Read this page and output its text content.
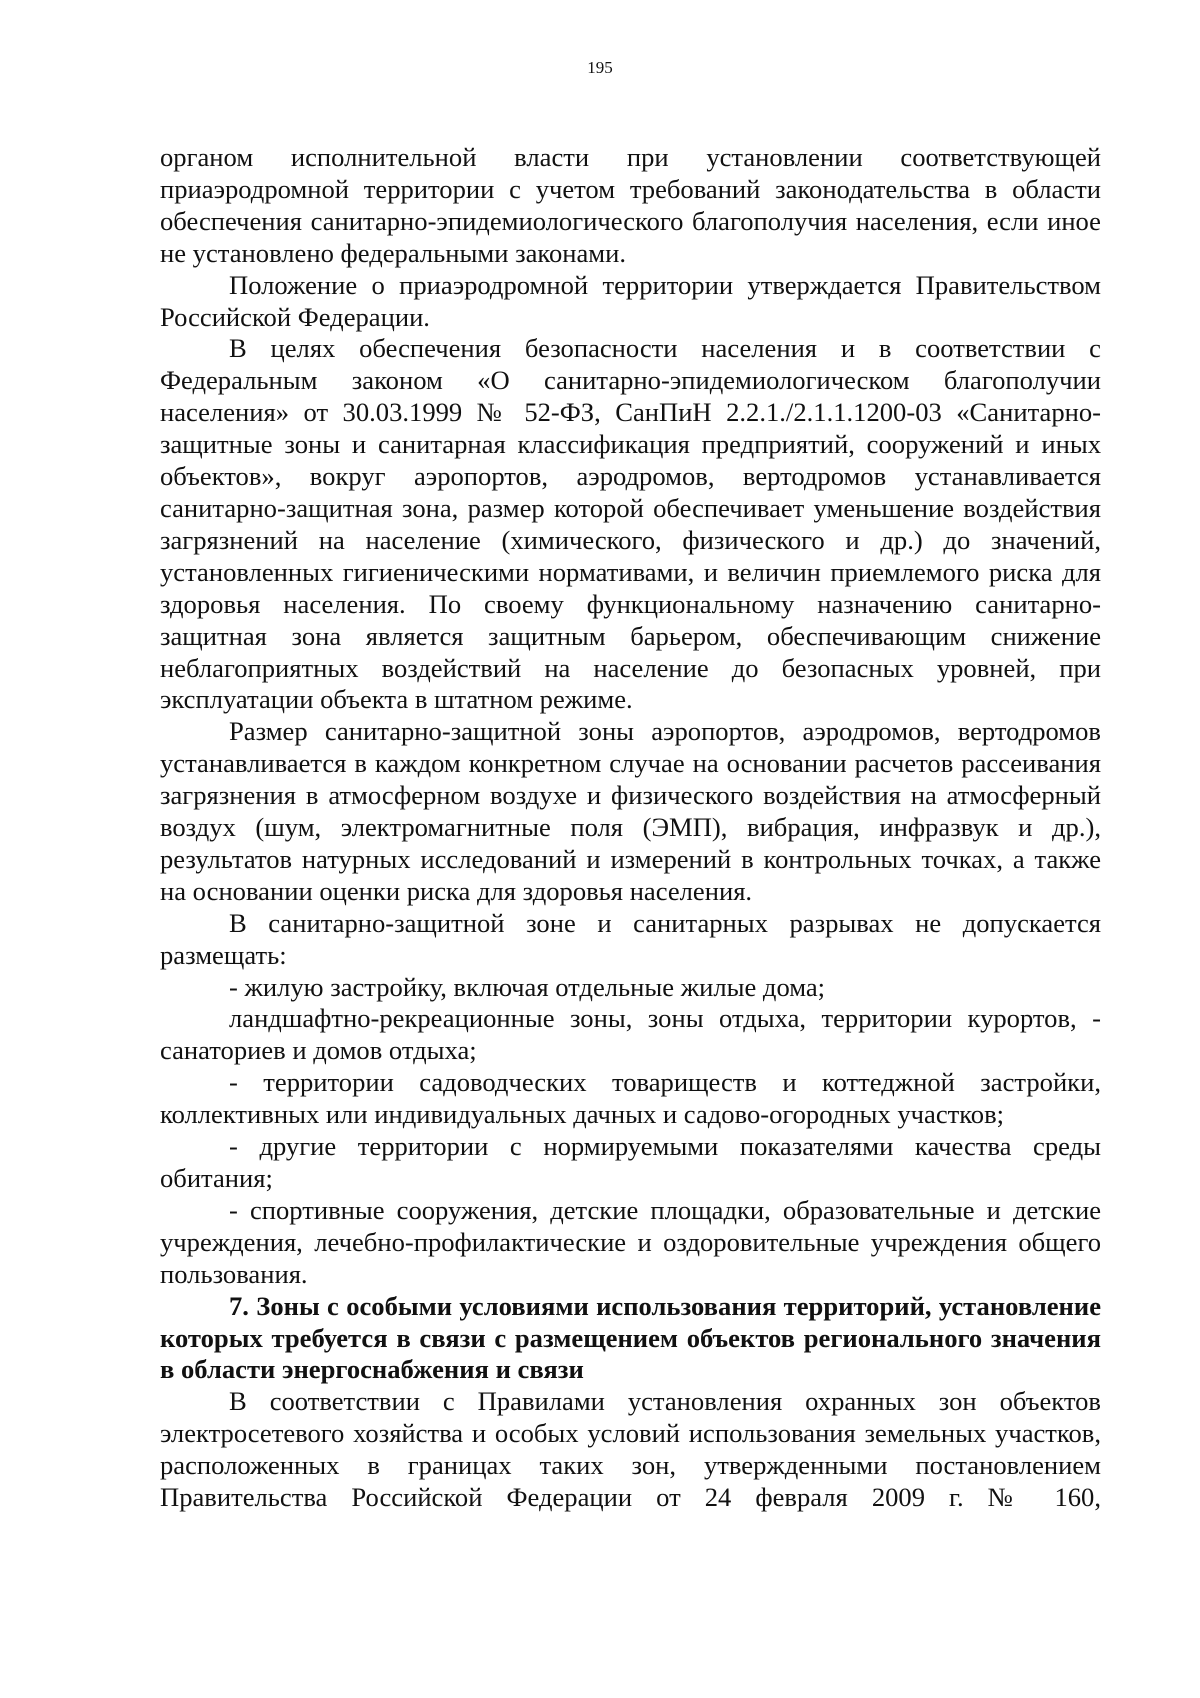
195

органом исполнительной власти при установлении соответствующей приаэродромной территории с учетом требований законодательства в области обеспечения санитарно-эпидемиологического благополучия населения, если иное не установлено федеральными законами.

Положение о приаэродромной территории утверждается Правительством Российской Федерации.

В целях обеспечения безопасности населения и в соответствии с Федеральным законом «О санитарно-эпидемиологическом благополучии населения» от 30.03.1999 № 52-ФЗ, СанПиН 2.2.1./2.1.1.1200-03 «Санитарно-защитные зоны и санитарная классификация предприятий, сооружений и иных объектов», вокруг аэропортов, аэродромов, вертодромов устанавливается санитарно-защитная зона, размер которой обеспечивает уменьшение воздействия загрязнений на население (химического, физического и др.) до значений, установленных гигиеническими нормативами, и величин приемлемого риска для здоровья населения. По своему функциональному назначению санитарно-защитная зона является защитным барьером, обеспечивающим снижение неблагоприятных воздействий на население до безопасных уровней, при эксплуатации объекта в штатном режиме.

Размер санитарно-защитной зоны аэропортов, аэродромов, вертодромов устанавливается в каждом конкретном случае на основании расчетов рассеивания загрязнения в атмосферном воздухе и физического воздействия на атмосферный воздух (шум, электромагнитные поля (ЭМП), вибрация, инфразвук и др.), результатов натурных исследований и измерений в контрольных точках, а также на основании оценки риска для здоровья населения.

В санитарно-защитной зоне и санитарных разрывах не допускается размещать:

- жилую застройку, включая отдельные жилые дома;

ландшафтно-рекреационные зоны, зоны отдыха, территории курортов, - санаториев и домов отдыха;

- территории садоводческих товариществ и коттеджной застройки, коллективных или индивидуальных дачных и садово-огородных участков;

- другие территории с нормируемыми показателями качества среды обитания;

- спортивные сооружения, детские площадки, образовательные и детские учреждения, лечебно-профилактические и оздоровительные учреждения общего пользования.

7. Зоны с особыми условиями использования территорий, установление которых требуется в связи с размещением объектов регионального значения в области энергоснабжения и связи

В соответствии с Правилами установления охранных зон объектов электросетевого хозяйства и особых условий использования земельных участков, расположенных в границах таких зон, утвержденными постановлением Правительства Российской Федерации от 24 февраля 2009 г. № 160,
